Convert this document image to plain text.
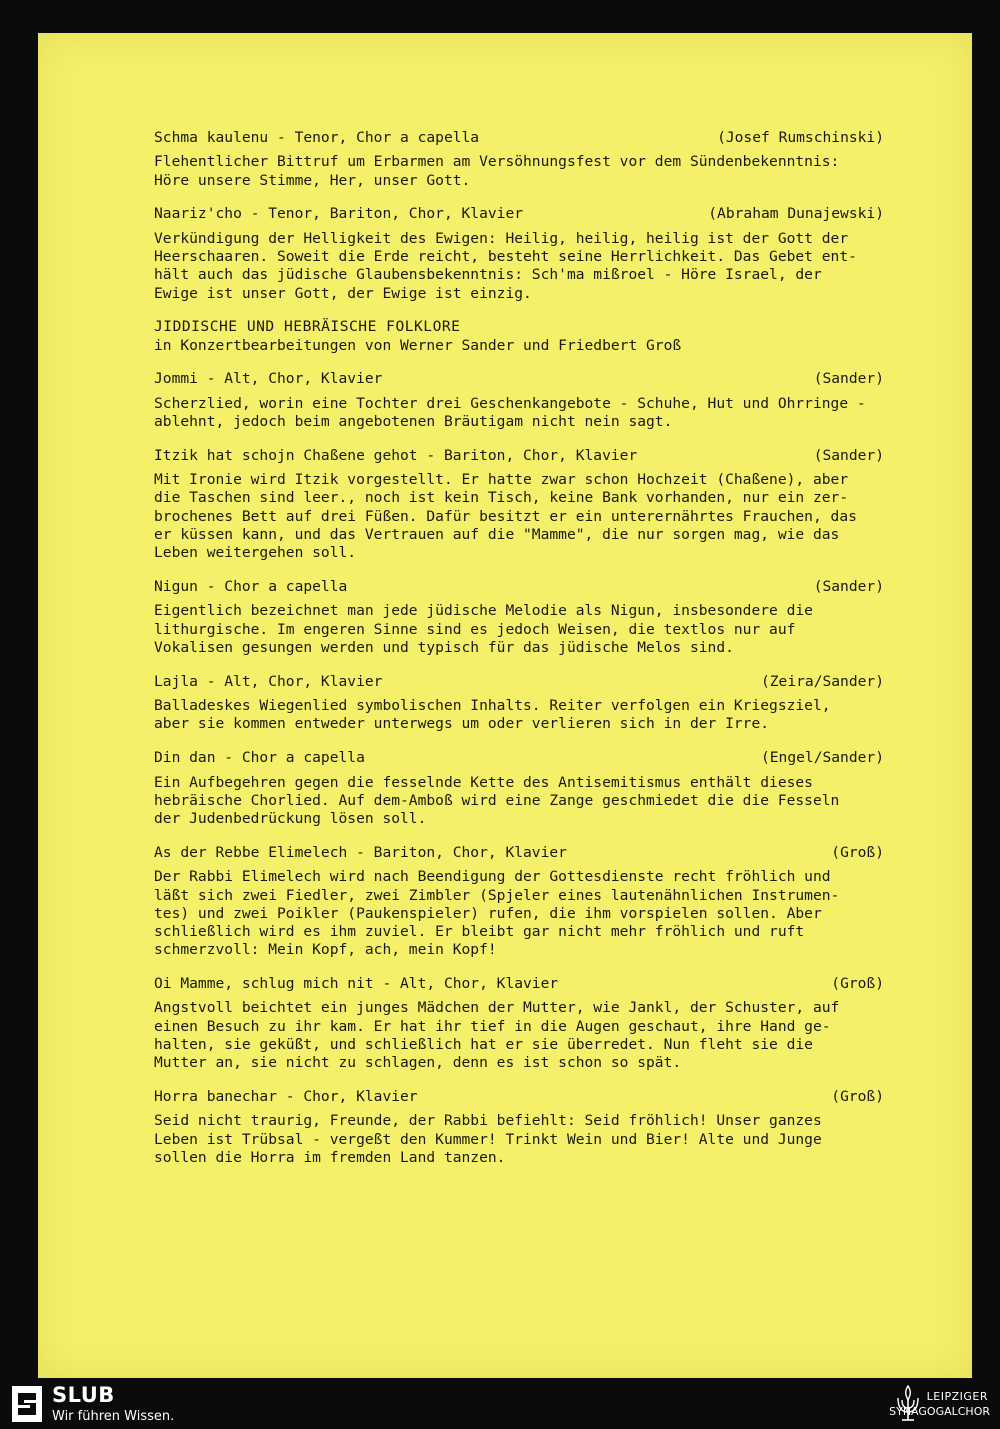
Schma kaulenu - Tenor, Chor a capella	(Josef Rumschinski)

Flehentlicher Bittruf um Erbarmen am Versöhnungsfest vor dem Sündenbekenntnis:
Höre unsere Stimme, Her, unser Gott.

Naariz'cho - Tenor, Bariton, Chor, Klavier	(Abraham Dunajewski)

Verkündigung der Helligkeit des Ewigen: Heilig, heilig, heilig ist der Gott der
Heerschaaren. Soweit die Erde reicht, besteht seine Herrlichkeit. Das Gebet ent-
hält auch das jüdische Glaubensbekenntnis: Sch'ma mißroel - Höre Israel, der
Ewige ist unser Gott, der Ewige ist einzig.

JIDDISCHE UND HEBRÄISCHE FOLKLORE
in Konzertbearbeitungen von Werner Sander und Friedbert Groß
Jommi - Alt, Chor, Klavier	(Sander)

Scherzlied, worin eine Tochter drei Geschenkangebote - Schuhe, Hut und Ohrringe -
ablehnt, jedoch beim angebotenen Bräutigam nicht nein sagt.

Itzik hat schojn Chaßene gehot - Bariton, Chor, Klavier	(Sander)

Mit Ironie wird Itzik vorgestellt. Er hatte zwar schon Hochzeit (Chaßene), aber
die Taschen sind leer., noch ist kein Tisch, keine Bank vorhanden, nur ein zer-
brochenes Bett auf drei Füßen. Dafür besitzt er ein unterernährtes Frauchen, das
er küssen kann, und das Vertrauen auf die "Mamme", die nur sorgen mag, wie das
Leben weitergehen soll.

Nigun - Chor a capella	(Sander)

Eigentlich bezeichnet man jede jüdische Melodie als Nigun, insbesondere die
lithurgische. Im engeren Sinne sind es jedoch Weisen, die textlos nur auf
Vokalisen gesungen werden und typisch für das jüdische Melos sind.

Lajla - Alt, Chor, Klavier	(Zeira/Sander)

Balladeskes Wiegenlied symbolischen Inhalts. Reiter verfolgen ein Kriegsziel,
aber sie kommen entweder unterwegs um oder verlieren sich in der Irre.

Din dan - Chor a capella	(Engel/Sander)

Ein Aufbegehren gegen die fesselnde Kette des Antisemitismus enthält dieses
hebräische Chorlied. Auf dem-Amboß wird eine Zange geschmiedet die die Fesseln
der Judenbedrückung lösen soll.

As der Rebbe Elimelech - Bariton, Chor, Klavier	(Groß)

Der Rabbi Elimelech wird nach Beendigung der Gottesdienste recht fröhlich und
läßt sich zwei Fiedler, zwei Zimbler (Spjeler eines lautenähnlichen Instrumen-
tes) und zwei Poikler (Paukenspieler) rufen, die ihm vorspielen sollen. Aber
schließlich wird es ihm zuviel. Er bleibt gar nicht mehr fröhlich und ruft
schmerzvoll: Mein Kopf, ach, mein Kopf!

Oi Mamme, schlug mich nit - Alt, Chor, Klavier	(Groß)

Angstvoll beichtet ein junges Mädchen der Mutter, wie Jankl, der Schuster, auf
einen Besuch zu ihr kam. Er hat ihr tief in die Augen geschaut, ihre Hand ge-
halten, sie geküßt, und schließlich hat er sie überredet. Nun fleht sie die
Mutter an, sie nicht zu schlagen, denn es ist schon so spät.

Horra banechar - Chor, Klavier	(Groß)

Seid nicht traurig, Freunde, der Rabbi befiehlt: Seid fröhlich! Unser ganzes
Leben ist Trübsal - vergeßt den Kummer! Trinkt Wein und Bier! Alte und Junge
sollen die Horra im fremden Land tanzen.

SLUB
Wir führen Wissen.
LEIPZIGER
SYNAGOGALCHOR
